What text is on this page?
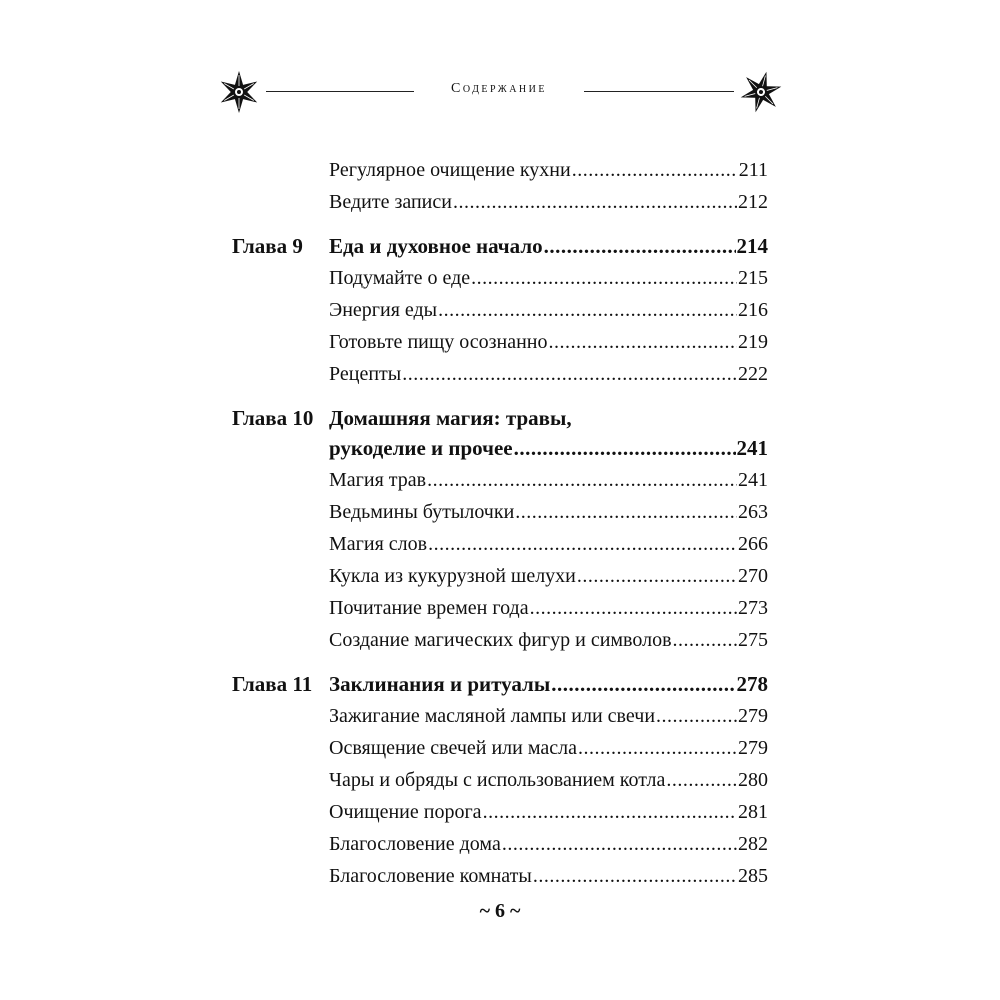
Содержание
Регулярное очищение кухни .....	211
Ведите записи .....	212
Глава 9 Еда и духовное начало .....	214
Подумайте о еде .....	215
Энергия еды .....	216
Готовьте пищу осознанно .....	219
Рецепты .....	222
Глава 10 Домашняя магия: травы,
рукоделие и прочее .....	241
Магия трав .....	241
Ведьмины бутылочки .....	263
Магия слов .....	266
Кукла из кукурузной шелухи .....	270
Почитание времен года .....	273
Создание магических фигур и символов .....	275
Глава 11 Заклинания и ритуалы .....	278
Зажигание масляной лампы или свечи .....	279
Освящение свечей или масла .....	279
Чары и обряды с использованием котла .....	280
Очищение порога .....	281
Благословение дома .....	282
Благословение комнаты .....	285
~ 6 ~
